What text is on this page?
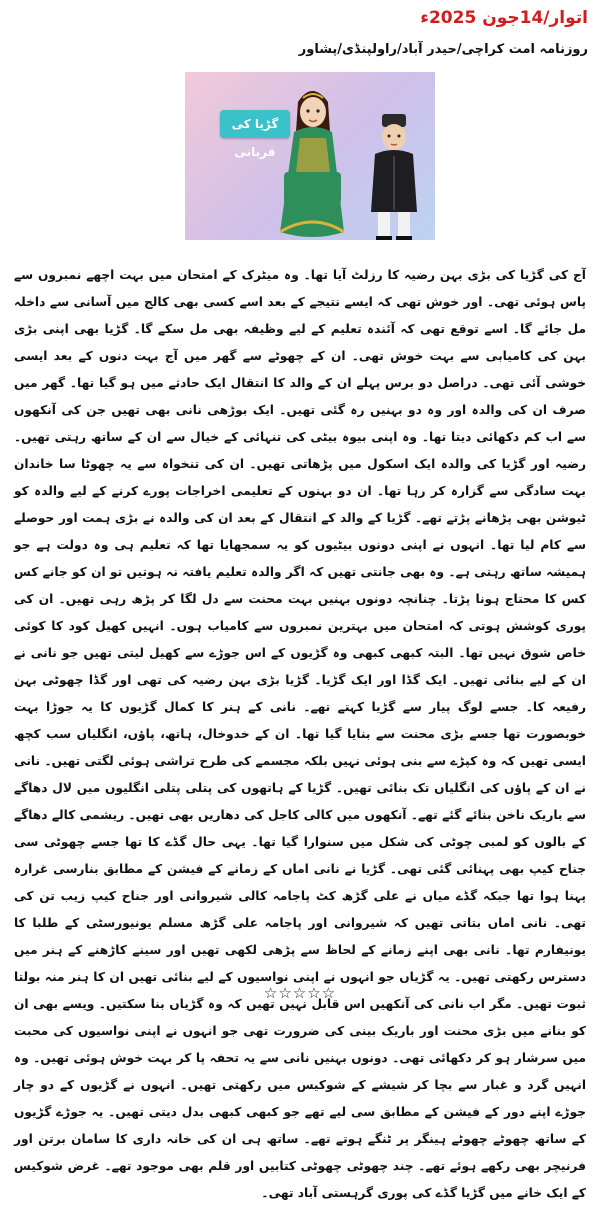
اتوار/14جون 2025ء
روزنامہ امت کراچی/حیدر آباد/راولپنڈی/پشاور
گڑیا کی قربانی

آج کی گڑیا کی بڑی بہن رضیہ کا رزلٹ آیا تھا۔ وہ میٹرک کے امتحان میں بہت اچھے نمبروں سے پاس ہوئی تھی۔ اور خوش تھی کہ ایسے نتیجے کے بعد اسے کسی بھی کالج میں آسانی سے داخلہ مل جائے گا۔ اسے توقع تھی کہ آئندہ تعلیم کے لیے وظیفہ بھی مل سکے گا۔ گڑیا بھی اپنی بڑی بہن کی کامیابی سے بہت خوش تھی۔ ان کے چھوٹے سے گھر میں آج بہت دنوں کے بعد ایسی خوشی آئی تھی۔ دراصل دو برس پہلے ان کے والد کا انتقال ایک حادثے میں ہو گیا تھا۔ گھر میں صرف ان کی والدہ اور وہ دو بہنیں رہ گئی تھیں۔ ایک بوڑھی نانی بھی تھیں جن کی آنکھوں سے اب کم دکھائی دیتا تھا۔ وہ اپنی بیوہ بیٹی کی تنہائی کے خیال سے ان کے ساتھ رہتی تھیں۔ رضیہ اور گڑیا کی والدہ ایک اسکول میں پڑھاتی تھیں۔ ان کی تنخواہ سے یہ چھوٹا سا خاندان بہت سادگی سے گزارہ کر رہا تھا۔ ان دو بہنوں کے تعلیمی اخراجات پورے کرنے کے لیے والدہ کو ٹیوشن بھی پڑھانے پڑتے تھے۔ گڑیا کے والد کے انتقال کے بعد ان کی والدہ نے بڑی ہمت اور حوصلے سے کام لیا تھا۔ انہوں نے اپنی دونوں بیٹیوں کو یہ سمجھایا تھا کہ تعلیم ہی وہ دولت ہے جو ہمیشہ ساتھ رہتی ہے۔ وہ بھی جانتی تھیں کہ اگر والدہ تعلیم یافتہ نہ ہوتیں تو ان کو جانے کس کس کا محتاج ہونا پڑتا۔ چنانچہ دونوں بہنیں بہت محنت سے دل لگا کر پڑھ رہی تھیں۔ ان کی پوری کوشش ہوتی کہ امتحان میں بہترین نمبروں سے کامیاب ہوں۔ انہیں کھیل کود کا کوئی خاص شوق نہیں تھا۔ البتہ کبھی کبھی وہ گڑیوں کے اس جوڑے سے کھیل لیتی تھیں جو نانی نے ان کے لیے بنائی تھیں۔ ایک گڈا اور ایک گڑیا۔ گڑیا بڑی بہن رضیہ کی تھی اور گڈا چھوٹی بہن رفیعہ کا۔ جسے لوگ پیار سے گڑیا کہتے تھے۔ نانی کے ہنر کا کمال گڑیوں کا یہ جوڑا بہت خوبصورت تھا جسے بڑی محنت سے بنایا گیا تھا۔ ان کے خدوخال، ہاتھ، پاؤں، انگلیاں سب کچھ ایسی تھیں کہ وہ کپڑے سے بنی ہوئی نہیں بلکہ مجسمے کی طرح تراشی ہوئی لگتی تھیں۔ نانی نے ان کے پاؤں کی انگلیاں تک بنائی تھیں۔ گڑیا کے ہاتھوں کی پتلی پتلی انگلیوں میں لال دھاگے سے باریک ناخن بنائے گئے تھے۔ آنکھوں میں کالی کاجل کی دھاریں بھی تھیں۔ ریشمی کالے دھاگے کے بالوں کو لمبی چوٹی کی شکل میں سنوارا گیا تھا۔ یہی حال گڈے کا تھا جسے چھوٹی سی جناح کیپ بھی پہنائی گئی تھی۔ گڑیا نے نانی اماں کے زمانے کے فیشن کے مطابق بنارسی غرارہ پہنا ہوا تھا جبکہ گڈے میاں نے علی گڑھ کٹ پاجامہ کالی شیروانی اور جناح کیپ زیب تن کی تھی۔ نانی اماں بتاتی تھیں کہ شیروانی اور پاجامہ علی گڑھ مسلم یونیورسٹی کے طلبا کا یونیفارم تھا۔ نانی بھی اپنے زمانے کے لحاظ سے پڑھی لکھی تھیں اور سینے کاڑھنے کے ہنر میں دسترس رکھتی تھیں۔ یہ گڑیاں جو انہوں نے اپنی نواسیوں کے لیے بنائی تھیں ان کا ہنر منہ بولتا ثبوت تھیں۔ مگر اب نانی کی آنکھیں اس قابل نہیں تھیں کہ وہ گڑیاں بنا سکتیں۔ ویسے بھی ان کو بنانے میں بڑی محنت اور باریک بینی کی ضرورت تھی جو انہوں نے اپنی نواسیوں کی محبت میں سرشار ہو کر دکھائی تھی۔ دونوں بہنیں نانی سے یہ تحفہ پا کر بہت خوش ہوئی تھیں۔ وہ انہیں گرد و غبار سے بچا کر شیشے کے شوکیس میں رکھتی تھیں۔ انہوں نے گڑیوں کے دو چار جوڑے اپنے دور کے فیشن کے مطابق سی لیے تھے جو کبھی کبھی بدل دیتی تھیں۔ یہ جوڑے گڑیوں کے ساتھ چھوٹے چھوٹے ہینگر پر ٹنگے ہوتے تھے۔ ساتھ ہی ان کی خانہ داری کا سامان برتن اور فرنیچر بھی رکھے ہوئے تھے۔ چند چھوٹی چھوٹی کتابیں اور قلم بھی موجود تھے۔ غرض شوکیس کے ایک خانے میں گڑیا گڈے کی پوری گرہستی آباد تھی۔

☆☆☆☆☆
